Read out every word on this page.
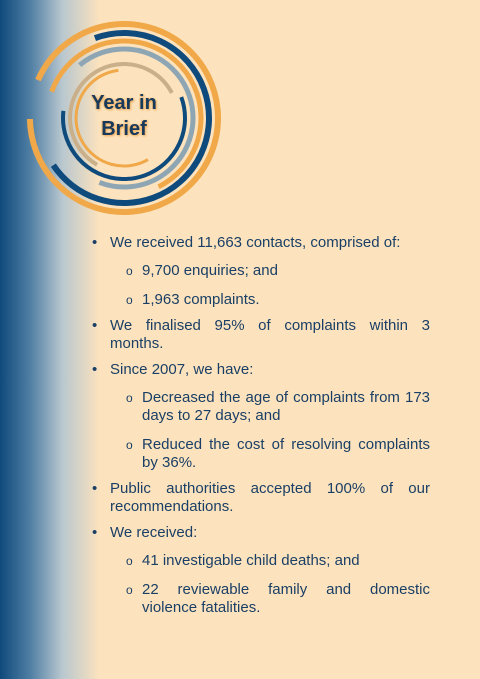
Year in
Brief

• We received 11,663 contacts, comprised of:
o 9,700 enquiries; and
o 1,963 complaints.
• We finalised 95% of complaints within 3 months.
• Since 2007, we have:
o Decreased the age of complaints from 173 days to 27 days; and
o Reduced the cost of resolving complaints by 36%.
• Public authorities accepted 100% of our recommendations.
• We received:
o 41 investigable child deaths; and
o 22 reviewable family and domestic violence fatalities.
